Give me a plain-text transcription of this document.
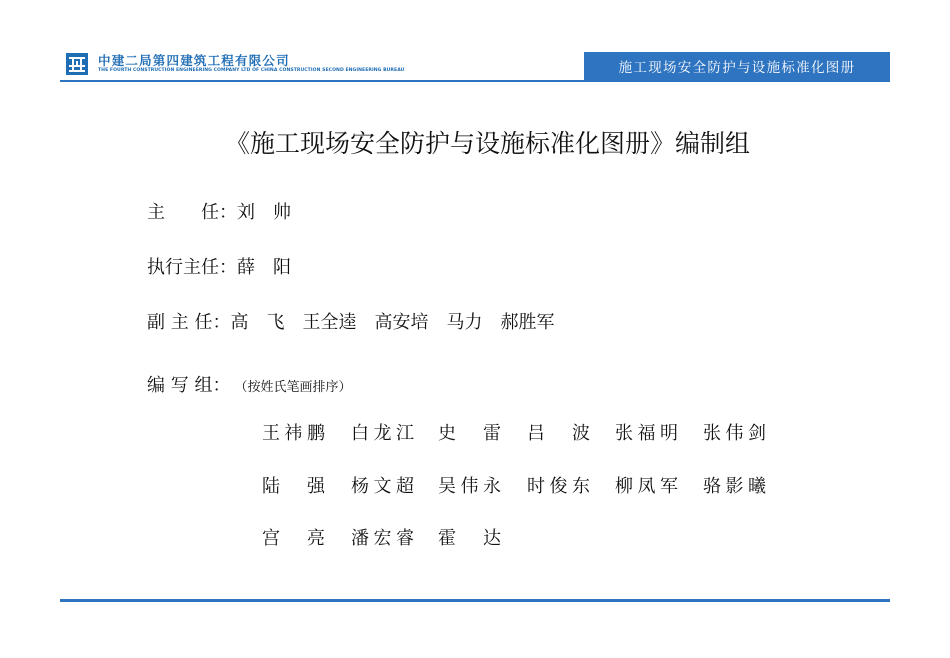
中建二局第四建筑工程有限公司
THE FOURTH CONSTRUCTION ENGINEERING COMPANY LTD OF CHINA CONSTRUCTION SECOND ENGINEERING BUREAU	施工现场安全防护与设施标准化图册
《施工现场安全防护与设施标准化图册》编制组
主　　任：刘　帅
执行主任：薛　阳
副 主 任：高　飞　王全逵　高安培　马力　郝胜军
编 写 组： （按姓氏笔画排序）
王祎鹏 白龙江 史 雷 吕 波 张福明 张伟剑
陆 强 杨文超 吴伟永 时俊东 柳凤军 骆影曦
宫 亮 潘宏睿 霍 达
